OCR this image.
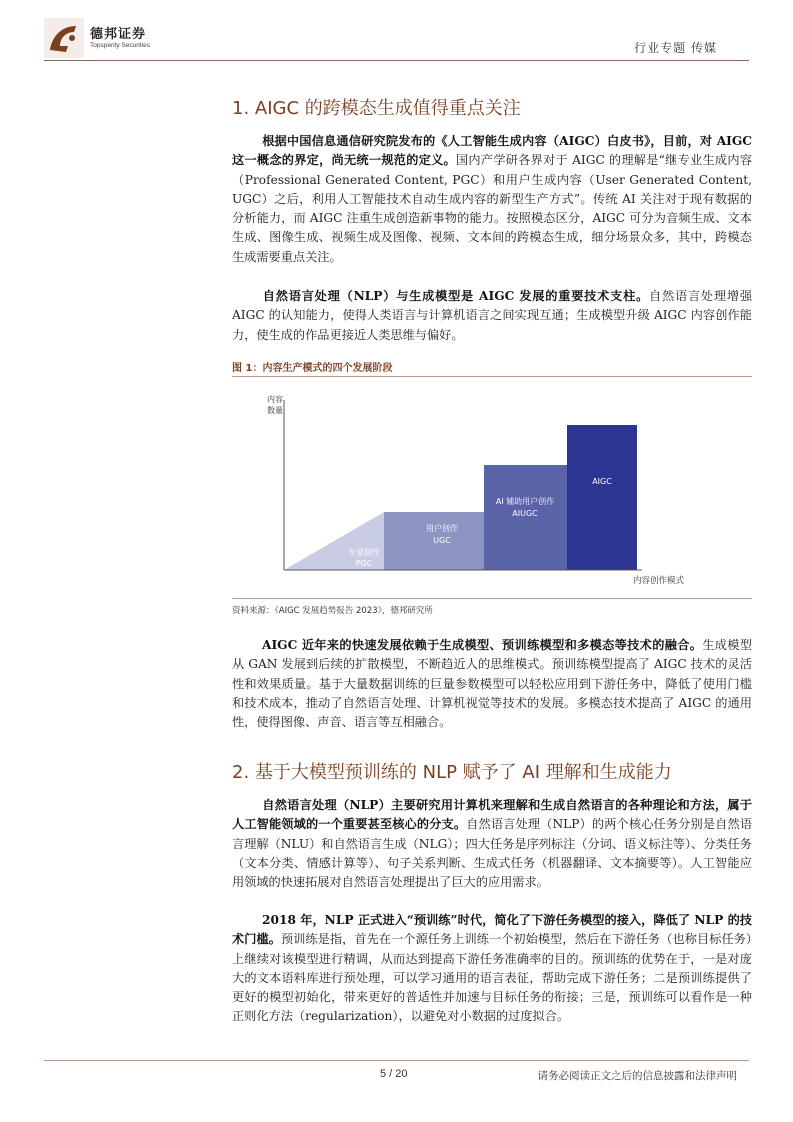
德邦证券
Topsperity Securities	行业专题 传媒
1. AIGC 的跨模态生成值得重点关注
根据中国信息通信研究院发布的《人工智能生成内容（AIGC）白皮书》，目前，对 AIGC 这一概念的界定，尚无统一规范的定义。国内产学研各界对于 AIGC 的理解是“继专业生成内容（Professional Generated Content, PGC）和用户生成内容（User Generated Content, UGC）之后，利用人工智能技术自动生成内容的新型生产方式”。传统 AI 关注对于现有数据的分析能力，而 AIGC 注重生成创造新事物的能力。按照模态区分，AIGC 可分为音频生成、文本生成、图像生成、视频生成及图像、视频、文本间的跨模态生成，细分场景众多，其中，跨模态生成需要重点关注。
自然语言处理（NLP）与生成模型是 AIGC 发展的重要技术支柱。自然语言处理增强 AIGC 的认知能力，使得人类语言与计算机语言之间实现互通；生成模型升级 AIGC 内容创作能力，使生成的作品更接近人类思维与偏好。
图 1：内容生产模式的四个发展阶段
内容
数量
内容创作模式
专业制作
PGC
用户创作
UGC
AI 辅助用户创作
AIUGC
AIGC
资料来源：《AIGC 发展趋势报告 2023》，德邦研究所
AIGC 近年来的快速发展依赖于生成模型、预训练模型和多模态等技术的融合。生成模型从 GAN 发展到后续的扩散模型，不断趋近人的思维模式。预训练模型提高了 AIGC 技术的灵活性和效果质量。基于大量数据训练的巨量参数模型可以轻松应用到下游任务中，降低了使用门槛和技术成本，推动了自然语言处理、计算机视觉等技术的发展。多模态技术提高了 AIGC 的通用性，使得图像、声音、语言等互相融合。
2. 基于大模型预训练的 NLP 赋予了 AI 理解和生成能力
自然语言处理（NLP）主要研究用计算机来理解和生成自然语言的各种理论和方法，属于人工智能领域的一个重要甚至核心的分支。自然语言处理（NLP）的两个核心任务分别是自然语言理解（NLU）和自然语言生成（NLG）；四大任务是序列标注（分词、语义标注等）、分类任务（文本分类、情感计算等）、句子关系判断、生成式任务（机器翻译、文本摘要等）。人工智能应用领域的快速拓展对自然语言处理提出了巨大的应用需求。
2018 年，NLP 正式进入“预训练”时代，简化了下游任务模型的接入，降低了 NLP 的技术门槛。预训练是指，首先在一个源任务上训练一个初始模型，然后在下游任务（也称目标任务）上继续对该模型进行精调，从而达到提高下游任务准确率的目的。预训练的优势在于，一是对庞大的文本语料库进行预处理，可以学习通用的语言表征，帮助完成下游任务；二是预训练提供了更好的模型初始化，带来更好的普适性并加速与目标任务的衔接；三是，预训练可以看作是一种正则化方法（regularization），以避免对小数据的过度拟合。
5 / 20	请务必阅读正文之后的信息披露和法律声明
